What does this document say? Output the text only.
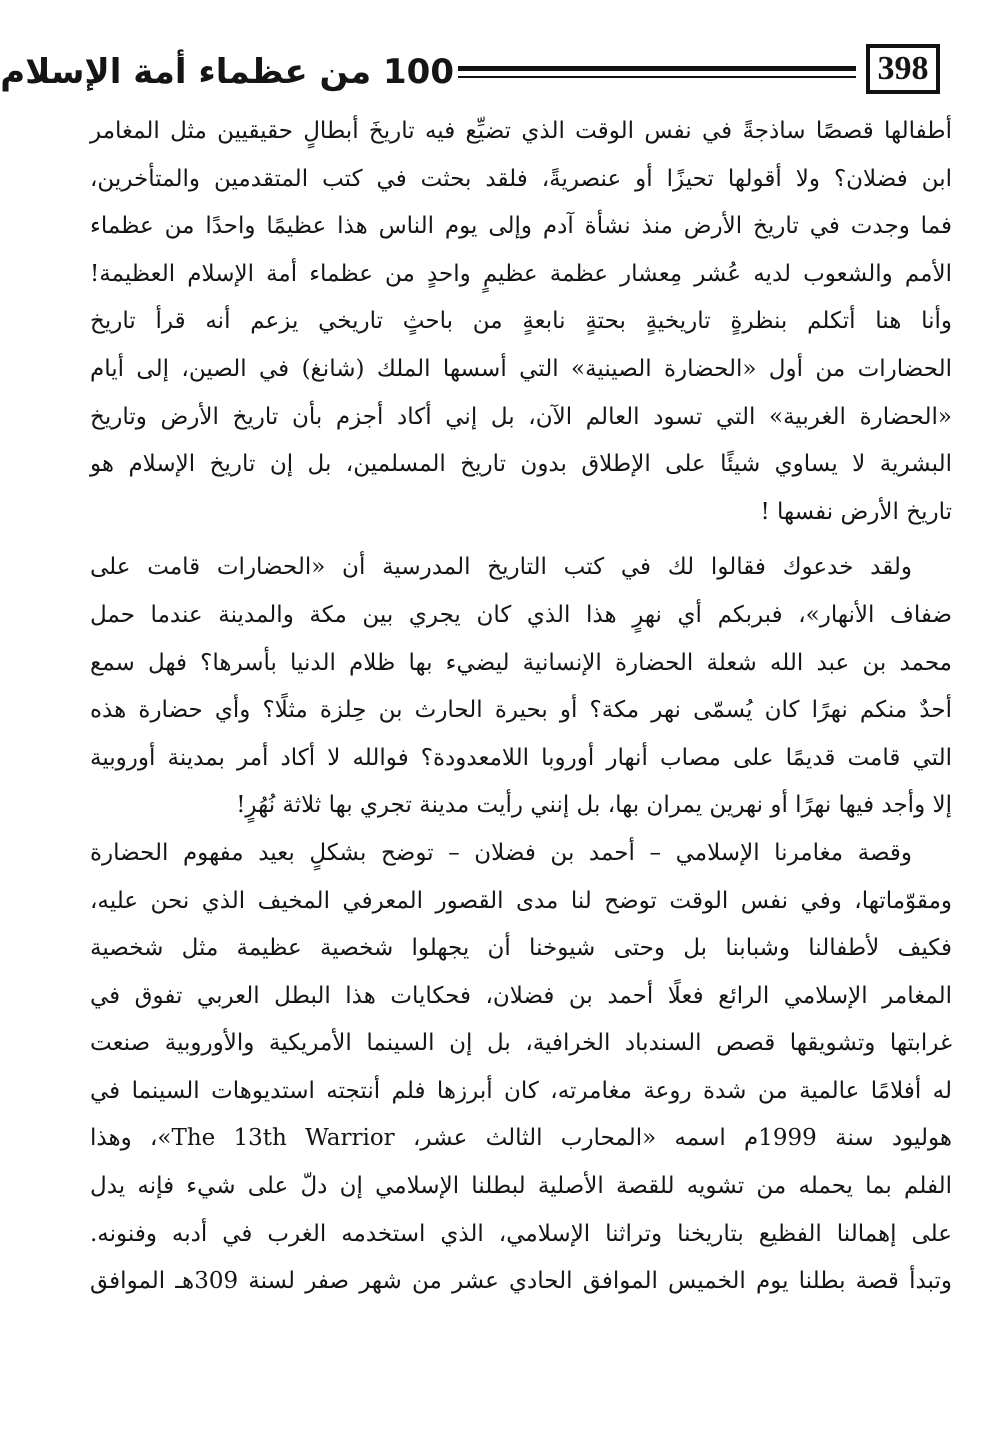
398
100 من عظماء أمة الإسلام
أطفالها قصصًا ساذجةً في نفس الوقت الذي تضيِّع فيه تاريخَ أبطالٍ حقيقيين مثل المغامر
ابن فضلان؟ ولا أقولها تحيزًا أو عنصريةً، فلقد بحثت في كتب المتقدمين والمتأخرين،
فما وجدت في تاريخ الأرض منذ نشأة آدم وإلى يوم الناس هذا عظيمًا واحدًا من عظماء
الأمم والشعوب لديه عُشر مِعشار عظمة عظيمٍ واحدٍ من عظماء أمة الإسلام العظيمة!
وأنا هنا أتكلم بنظرةٍ تاريخيةٍ بحتةٍ نابعةٍ من باحثٍ تاريخي يزعم أنه قرأ تاريخ
الحضارات من أول «الحضارة الصينية» التي أسسها الملك (شانغ) في الصين، إلى أيام
«الحضارة الغربية» التي تسود العالم الآن، بل إني أكاد أجزم بأن تاريخ الأرض وتاريخ
البشرية لا يساوي شيئًا على الإطلاق بدون تاريخ المسلمين، بل إن تاريخ الإسلام هو
تاريخ الأرض نفسها !
ولقد خدعوك فقالوا لك في كتب التاريخ المدرسية أن «الحضارات قامت على
ضفاف الأنهار»، فبربكم أي نهرٍ هذا الذي كان يجري بين مكة والمدينة عندما حمل
محمد بن عبد الله شعلة الحضارة الإنسانية ليضيء بها ظلام الدنيا بأسرها؟ فهل سمع
أحدٌ منكم نهرًا كان يُسمّى نهر مكة؟ أو بحيرة الحارث بن حِلزة مثلًا؟ وأي حضارة هذه
التي قامت قديمًا على مصاب أنهار أوروبا اللامعدودة؟ فوالله لا أكاد أمر بمدينة أوروبية
إلا وأجد فيها نهرًا أو نهرين يمران بها، بل إنني رأيت مدينة تجري بها ثلاثة نُهُرٍ!
وقصة مغامرنا الإسلامي – أحمد بن فضلان – توضح بشكلٍ بعيد مفهوم الحضارة
ومقوّماتها، وفي نفس الوقت توضح لنا مدى القصور المعرفي المخيف الذي نحن عليه،
فكيف لأطفالنا وشبابنا بل وحتى شيوخنا أن يجهلوا شخصية عظيمة مثل شخصية
المغامر الإسلامي الرائع فعلًا أحمد بن فضلان، فحكايات هذا البطل العربي تفوق في
غرابتها وتشويقها قصص السندباد الخرافية، بل إن السينما الأمريكية والأوروبية صنعت
له أفلامًا عالمية من شدة روعة مغامرته، كان أبرزها فلم أنتجته استديوهات السينما في
هوليود سنة 1999م اسمه «المحارب الثالث عشر، The 13th Warrior»، وهذا
الفلم بما يحمله من تشويه للقصة الأصلية لبطلنا الإسلامي إن دلّ على شيء فإنه يدل
على إهمالنا الفظيع بتاريخنا وتراثنا الإسلامي، الذي استخدمه الغرب في أدبه وفنونه.
وتبدأ قصة بطلنا يوم الخميس الموافق الحادي عشر من شهر صفر لسنة 309هـ الموافق
